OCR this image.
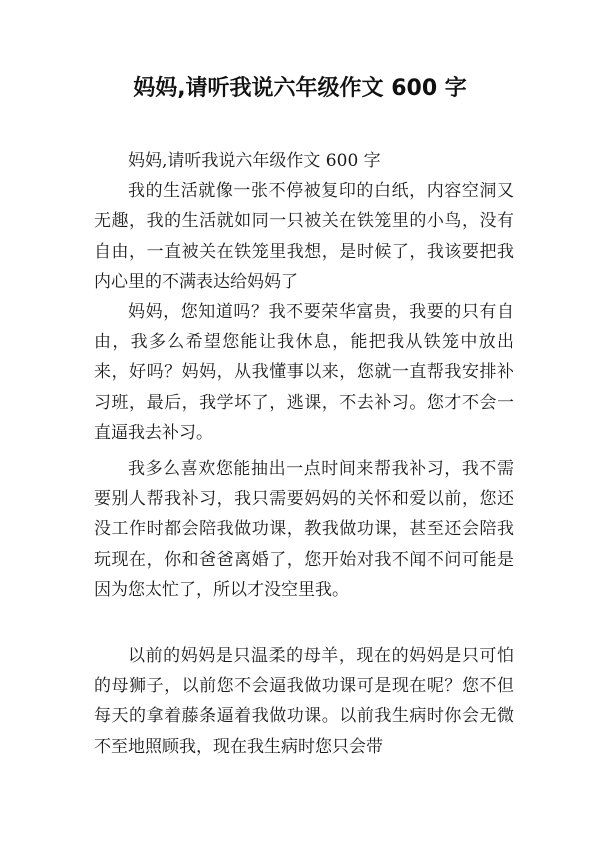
妈妈,请听我说六年级作文 600 字

妈妈,请听我说六年级作文 600 字

我的生活就像一张不停被复印的白纸，内容空洞又无趣，我的生活就如同一只被关在铁笼里的小鸟，没有自由，一直被关在铁笼里我想，是时候了，我该要把我内心里的不满表达给妈妈了

妈妈，您知道吗？我不要荣华富贵，我要的只有自由，我多么希望您能让我休息，能把我从铁笼中放出来，好吗？妈妈，从我懂事以来，您就一直帮我安排补习班，最后，我学坏了，逃课，不去补习。您才不会一直逼我去补习。

我多么喜欢您能抽出一点时间来帮我补习，我不需要别人帮我补习，我只需要妈妈的关怀和爱以前，您还没工作时都会陪我做功课，教我做功课，甚至还会陪我玩现在，你和爸爸离婚了，您开始对我不闻不问可能是因为您太忙了，所以才没空里我。

以前的妈妈是只温柔的母羊，现在的妈妈是只可怕的母狮子，以前您不会逼我做功课可是现在呢？您不但每天的拿着藤条逼着我做功课。以前我生病时你会无微不至地照顾我，现在我生病时您只会带
